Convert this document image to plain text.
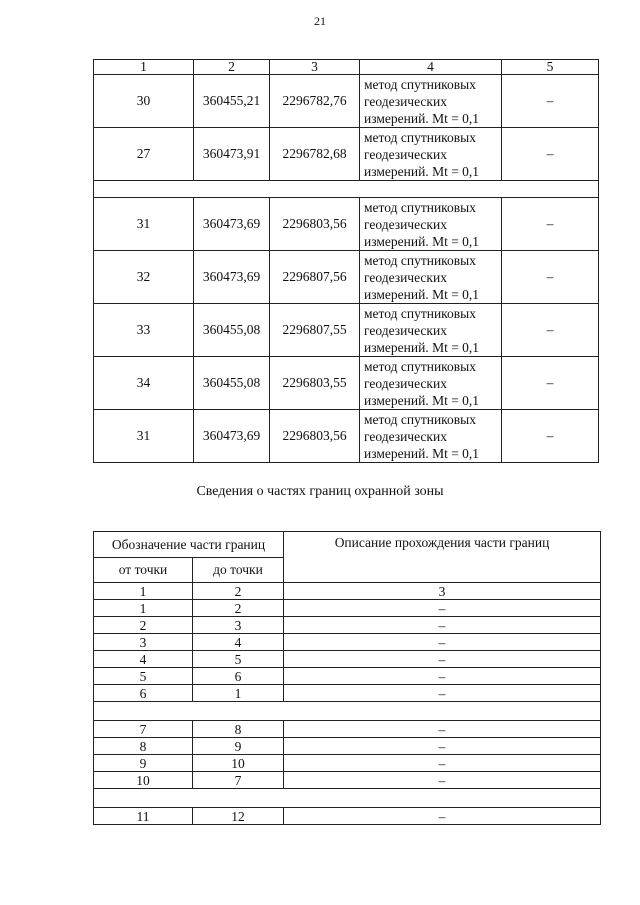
21
1	2	3	4	5
30	360455,21	2296782,76	метод спутниковых геодезических измерений. Mt = 0,1	–
27	360473,91	2296782,68	метод спутниковых геодезических измерений. Mt = 0,1	–

31	360473,69	2296803,56	метод спутниковых геодезических измерений. Mt = 0,1	–
32	360473,69	2296807,56	метод спутниковых геодезических измерений. Mt = 0,1	–
33	360455,08	2296807,55	метод спутниковых геодезических измерений. Mt = 0,1	–
34	360455,08	2296803,55	метод спутниковых геодезических измерений. Mt = 0,1	–
31	360473,69	2296803,56	метод спутниковых геодезических измерений. Mt = 0,1	–
Сведения о частях границ охранной зоны
Обозначение части границ		Описание прохождения части границ
от точки	до точки	
1	2	3
1	2	–
2	3	–
3	4	–
4	5	–
5	6	–
6	1	–

7	8	–
8	9	–
9	10	–
10	7	–

11	12	–
